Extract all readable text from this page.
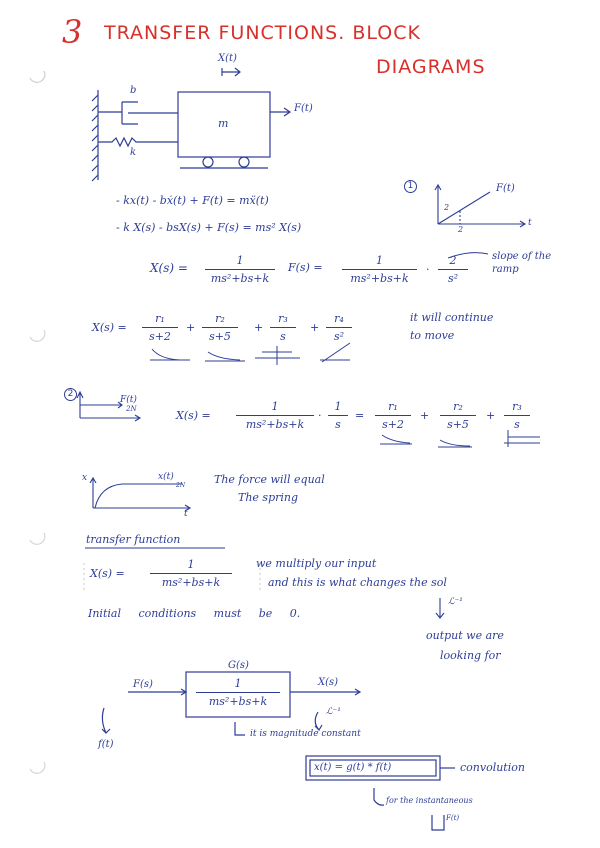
3 TRANSFER FUNCTIONS. BLOCK
DIAGRAMS
X(t)
b
k
m
F(t)
- kx(t) - bẋ(t) + F(t) = mẍ(t)
- k X(s) - bsX(s) + F(s) = ms² X(s)
X(s) =
1
ms²+bs+k
F(s) =
1
ms²+bs+k
·
2
s²
slope of the ramp
X(s) =
r₁
s+2
+
r₂
s+5
+
r₃
s
+
r₄
s²
it will continue
to move
1	F(t)
2
2
t
2
F(t)
2N	X(s) =
1
ms²+bs+k
·
1
s
=
r₁
s+2
+
r₂
s+5
+
r₃
s
x	x(t)
2N
t
The force will equal
The spring
transfer function
X(s) =
1
ms²+bs+k
we multiply our input
and this is what changes the sol
Initial conditions must be 0.
ℒ⁻¹
output we are
looking for
G(s)
F(s)	1
ms²+bs+k
X(s)
f(t)
ℒ⁻¹
it is magnitude constant
x(t) = g(t) * f(t)	convolution
for the instantaneous
F(t)
